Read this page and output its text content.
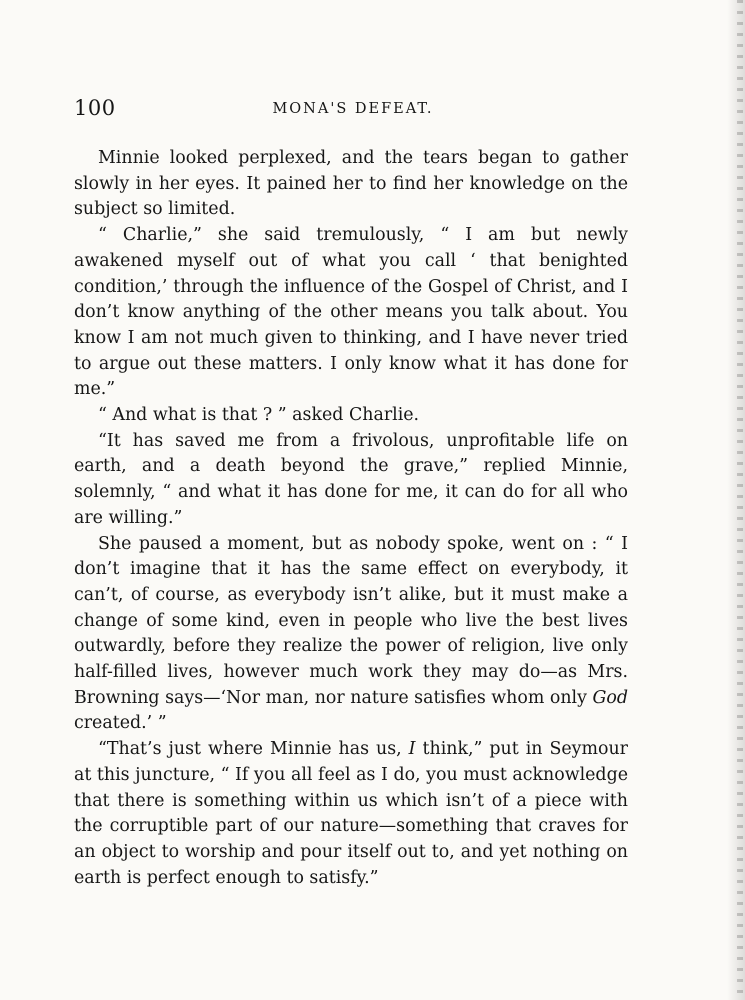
100	MONA'S DEFEAT.

Minnie looked perplexed, and the tears began to gather slowly in her eyes. It pained her to find her knowledge on the subject so limited.

“ Charlie,” she said tremulously, “ I am but newly awakened myself out of what you call ‘ that benighted condition,’ through the influence of the Gospel of Christ, and I don’t know anything of the other means you talk about. You know I am not much given to thinking, and I have never tried to argue out these matters. I only know what it has done for me.”

“ And what is that ? ” asked Charlie.

“It has saved me from a frivolous, unprofitable life on earth, and a death beyond the grave,” replied Minnie, solemnly, “ and what it has done for me, it can do for all who are willing.”

She paused a moment, but as nobody spoke, went on : “ I don’t imagine that it has the same effect on everybody, it can’t, of course, as everybody isn’t alike, but it must make a change of some kind, even in people who live the best lives outwardly, before they realize the power of religion, live only half-filled lives, however much work they may do—as Mrs. Browning says—‘Nor man, nor nature satisfies whom only God created.’ ”

“That’s just where Minnie has us, I think,” put in Seymour at this juncture, “ If you all feel as I do, you must acknowledge that there is something within us which isn’t of a piece with the corruptible part of our nature—something that craves for an object to worship and pour itself out to, and yet nothing on earth is perfect enough to satisfy.”
